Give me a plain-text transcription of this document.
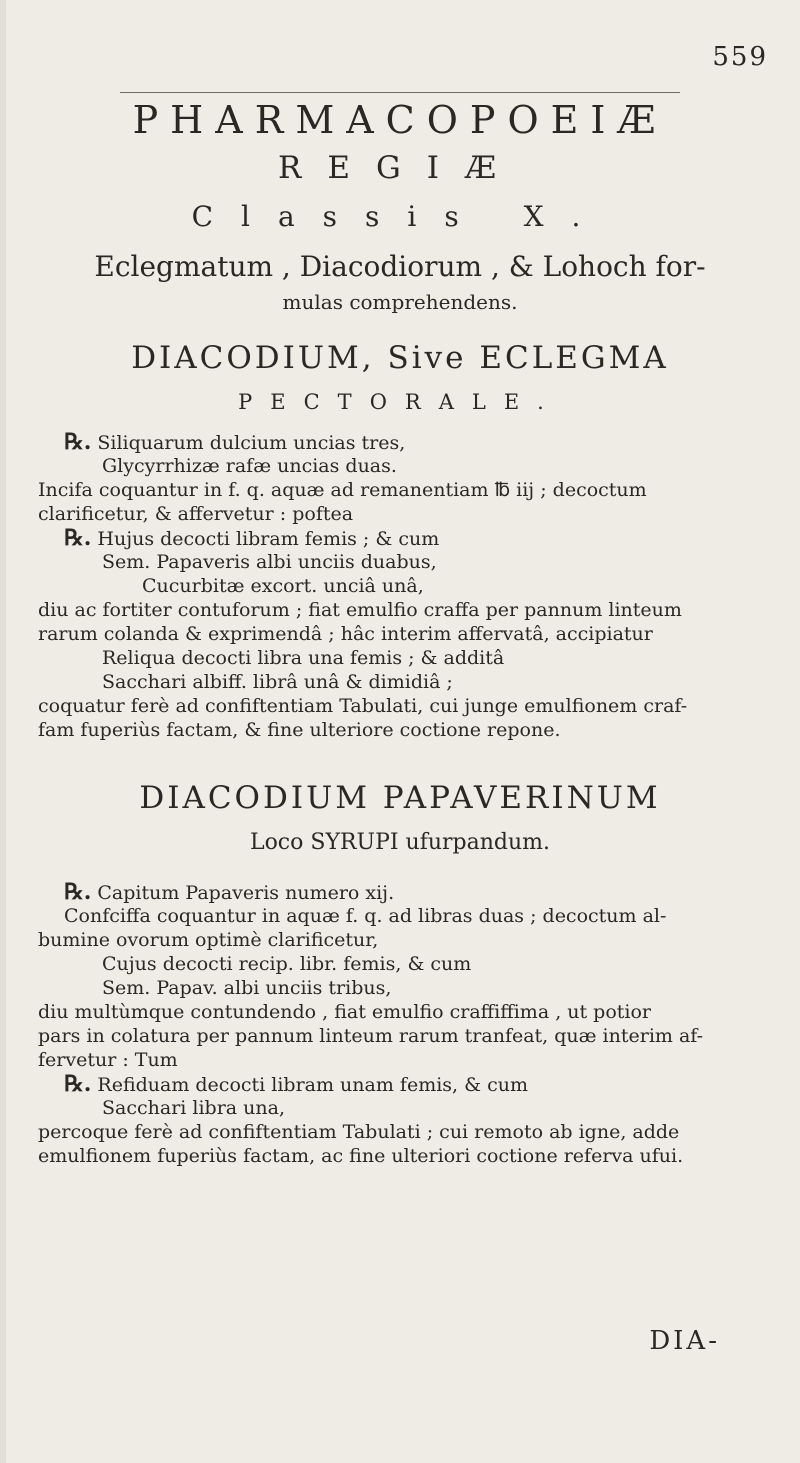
559
PHARMACOPOEIÆ
REGIÆ
Classis X.
Eclegmatum , Diacodiorum , & Lohoch for-
mulas comprehendens.
DIACODIUM, Sive ECLEGMA
PECTORALE.
℞. Siliquarum dulcium uncias tres,
Glycyrrhizæ rafæ uncias duas.
Incifa coquantur in f. q. aquæ ad remanentiam ℔ iij ; decoctum
clarificetur, & affervetur : poftea
℞. Hujus decocti libram femis ; & cum
Sem. Papaveris albi unciis duabus,
Cucurbitæ excort. unciâ unâ,
diu ac fortiter contuforum ; fiat emulfio craffa per pannum linteum
rarum colanda & exprimendâ ; hâc interim affervatâ, accipiatur
Reliqua decocti libra una femis ; & additâ
Sacchari albiff. librâ unâ & dimidiâ ;
coquatur ferè ad confiftentiam Tabulati, cui junge emulfionem craf-
fam fuperiùs factam, & fine ulteriore coctione repone.
DIACODIUM PAPAVERINUM
Loco SYRUPI ufurpandum.
℞. Capitum Papaveris numero xij.
Confciffa coquantur in aquæ f. q. ad libras duas ; decoctum al-
bumine ovorum optimè clarificetur,
Cujus decocti recip. libr. femis, & cum
Sem. Papav. albi unciis tribus,
diu multùmque contundendo , fiat emulfio craffiffima , ut potior
pars in colatura per pannum linteum rarum tranfeat, quæ interim af-
fervetur : Tum
℞. Refiduam decocti libram unam femis, & cum
Sacchari libra una,
percoque ferè ad confiftentiam Tabulati ; cui remoto ab igne, adde
emulfionem fuperiùs factam, ac fine ulteriori coctione referva ufui.
DIA-
